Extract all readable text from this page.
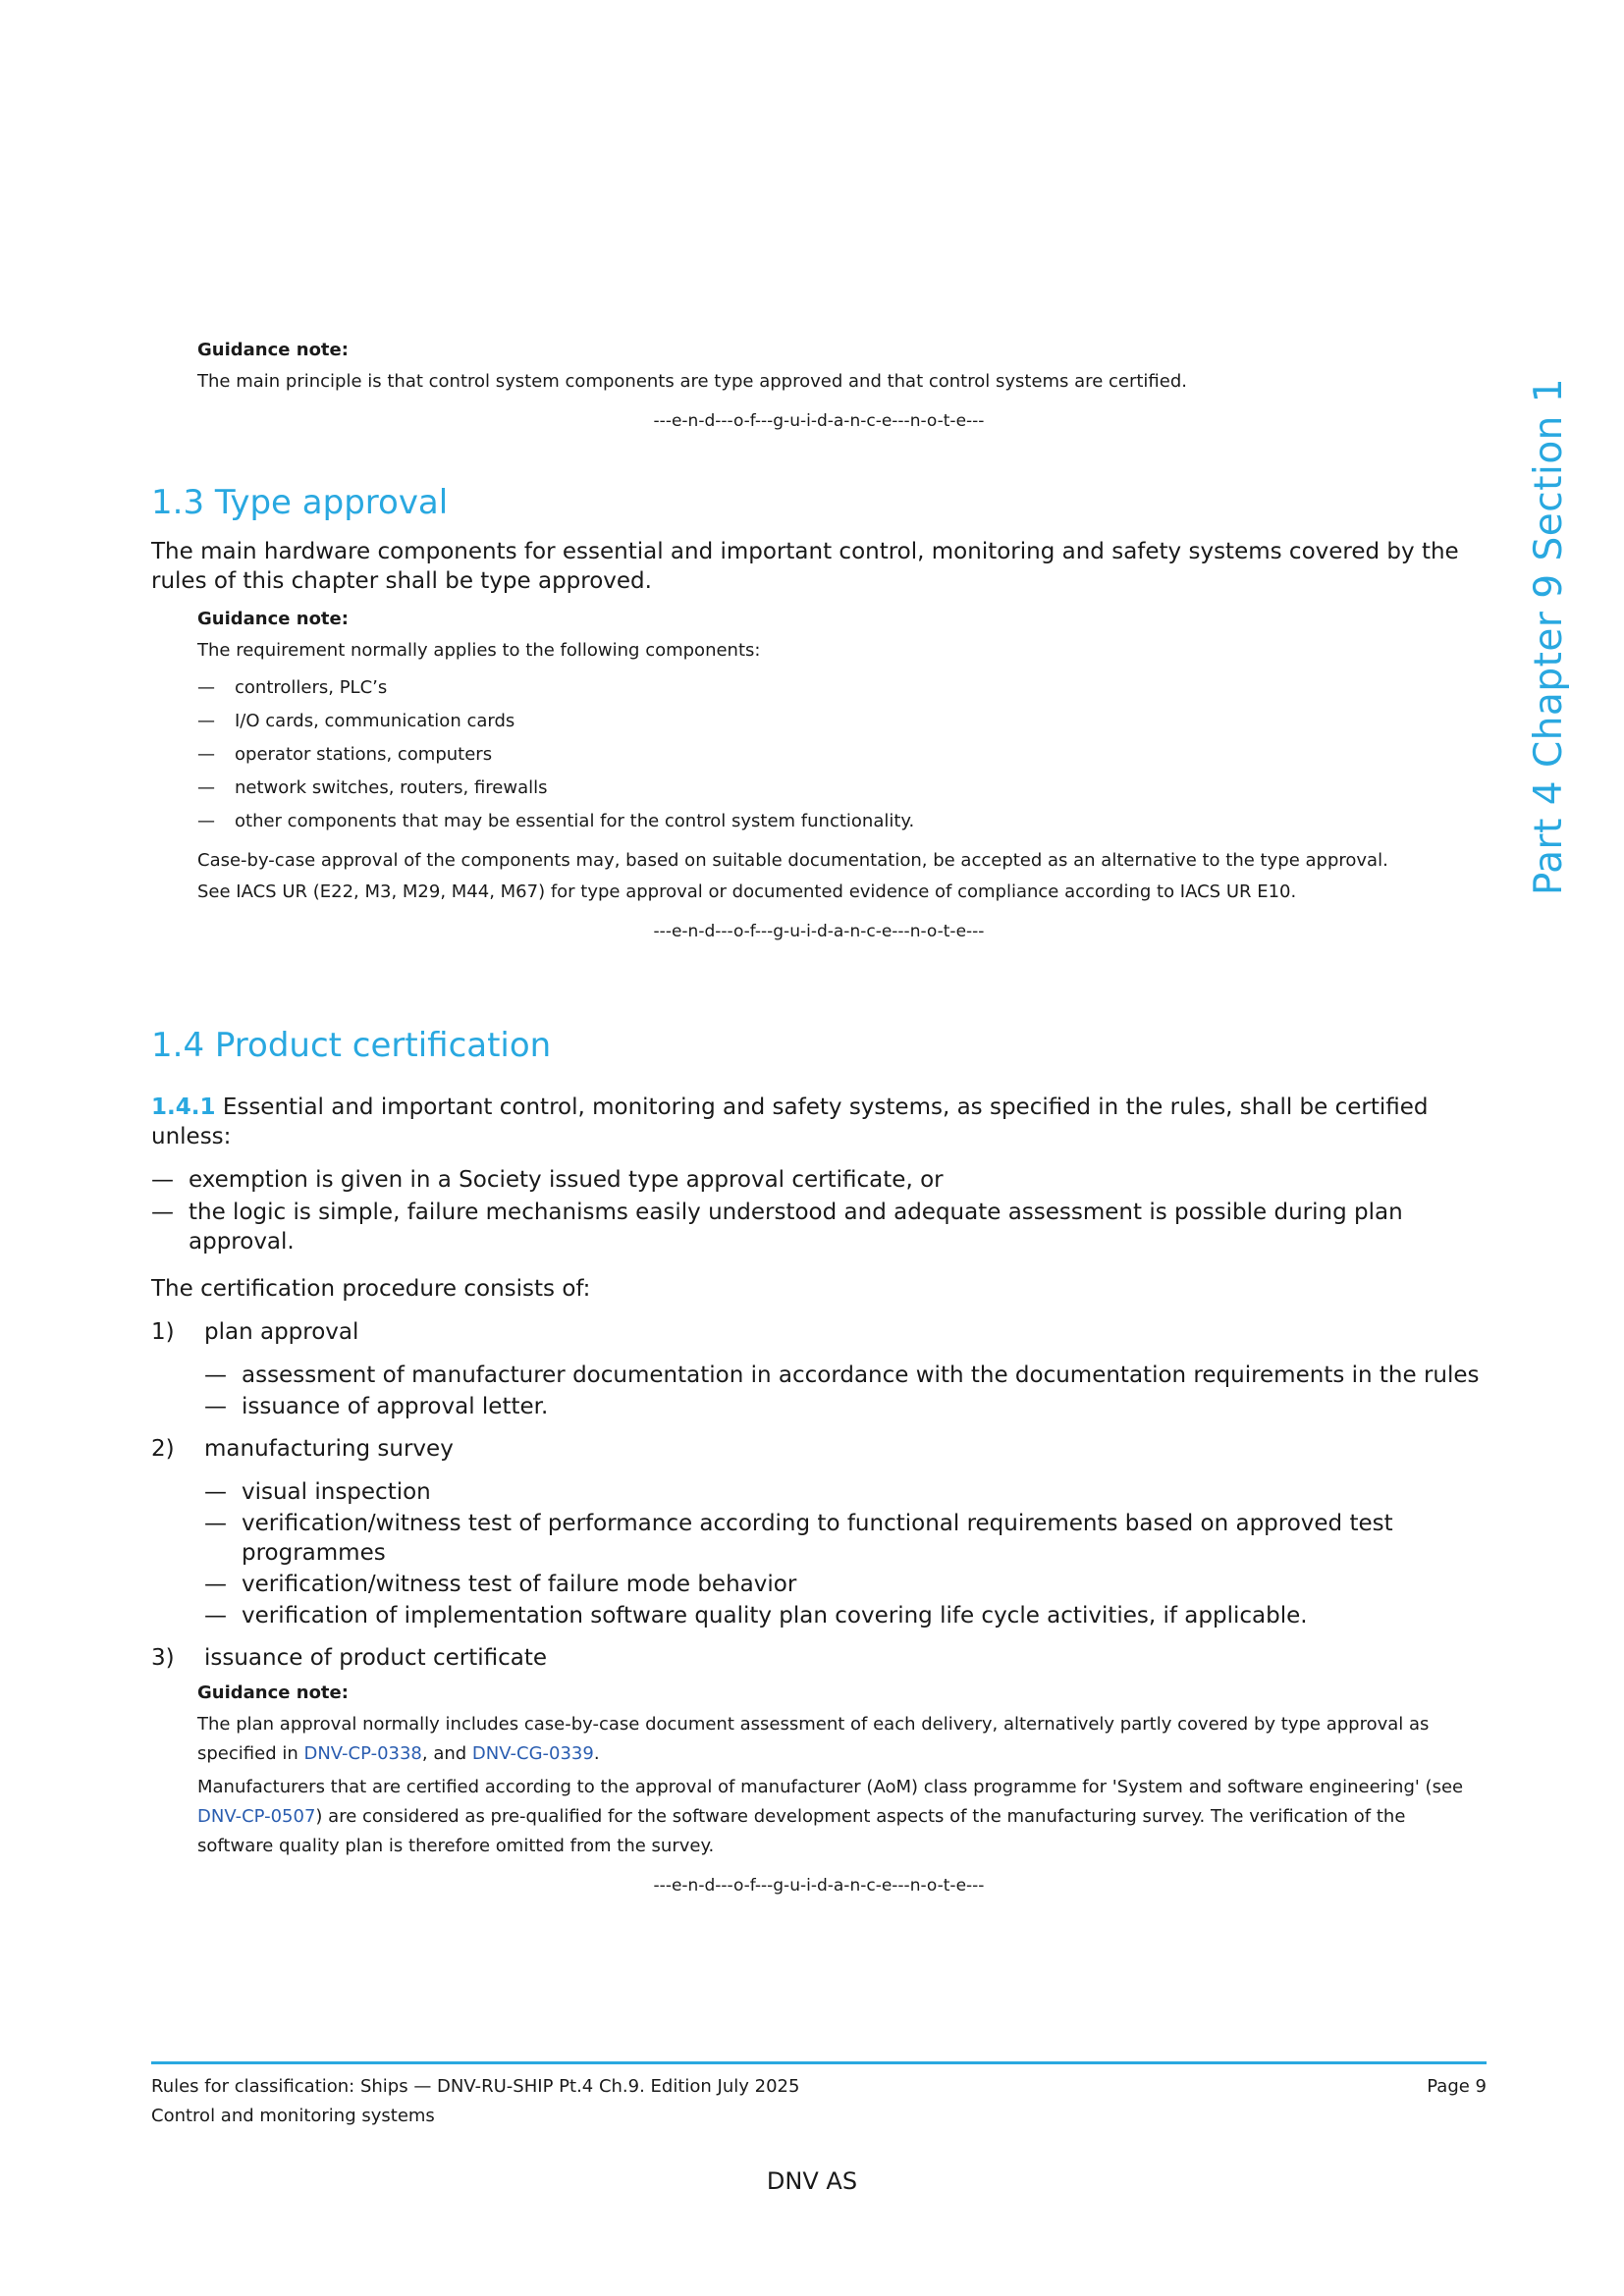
Part 4 Chapter 9 Section 1
Guidance note:
The main principle is that control system components are type approved and that control systems are certified.
---e-n-d---o-f---g-u-i-d-a-n-c-e---n-o-t-e---
1.3 Type approval
The main hardware components for essential and important control, monitoring and safety systems covered by the rules of this chapter shall be type approved.
Guidance note:
The requirement normally applies to the following components:
—	controllers, PLC’s
—	I/O cards, communication cards
—	operator stations, computers
—	network switches, routers, firewalls
—	other components that may be essential for the control system functionality.
Case-by-case approval of the components may, based on suitable documentation, be accepted as an alternative to the type approval.
See IACS UR (E22, M3, M29, M44, M67) for type approval or documented evidence of compliance according to IACS UR E10.
---e-n-d---o-f---g-u-i-d-a-n-c-e---n-o-t-e---
1.4 Product certification
1.4.1 Essential and important control, monitoring and safety systems, as specified in the rules, shall be certified unless:
— exemption is given in a Society issued type approval certificate, or
— the logic is simple, failure mechanisms easily understood and adequate assessment is possible during plan approval.
The certification procedure consists of:
1)	plan approval
— assessment of manufacturer documentation in accordance with the documentation requirements in the rules
— issuance of approval letter.
2)	manufacturing survey
— visual inspection
— verification/witness test of performance according to functional requirements based on approved test programmes
— verification/witness test of failure mode behavior
— verification of implementation software quality plan covering life cycle activities, if applicable.
3)	issuance of product certificate
Guidance note:
The plan approval normally includes case-by-case document assessment of each delivery, alternatively partly covered by type approval as specified in DNV-CP-0338, and DNV-CG-0339.
Manufacturers that are certified according to the approval of manufacturer (AoM) class programme for 'System and software engineering' (see DNV-CP-0507) are considered as pre-qualified for the software development aspects of the manufacturing survey. The verification of the software quality plan is therefore omitted from the survey.
---e-n-d---o-f---g-u-i-d-a-n-c-e---n-o-t-e---
Rules for classification: Ships — DNV-RU-SHIP Pt.4 Ch.9. Edition July 2025	Page 9
Control and monitoring systems
DNV AS
